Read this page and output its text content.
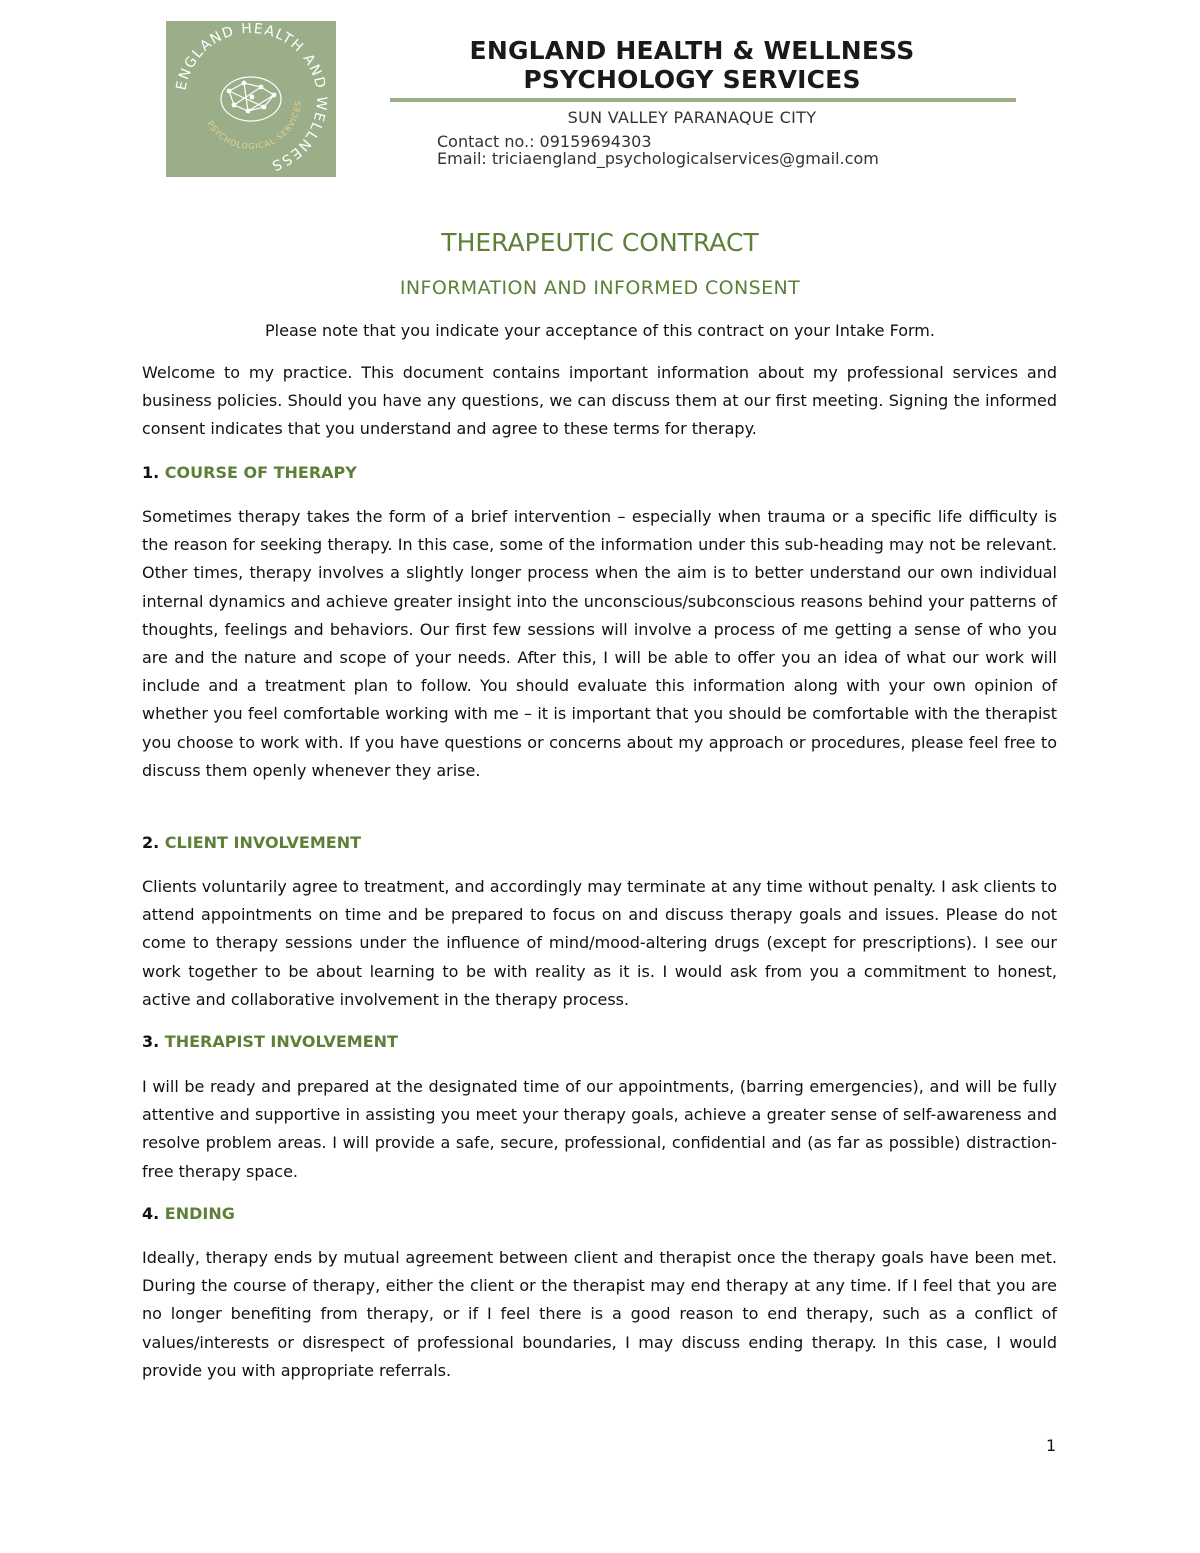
ENGLAND HEALTH AND WELLNESS
PSYCHOLOGICAL SERVICES
ENGLAND HEALTH & WELLNESS
PSYCHOLOGY SERVICES
SUN VALLEY PARANAQUE CITY
Contact no.: 09159694303
Email: triciaengland_psychologicalservices@gmail.com
THERAPEUTIC CONTRACT
INFORMATION AND INFORMED CONSENT
Please note that you indicate your acceptance of this contract on your Intake Form.

Welcome to my practice. This document contains important information about my professional services and business policies. Should you have any questions, we can discuss them at our first meeting. Signing the informed consent indicates that you understand and agree to these terms for therapy.

1. COURSE OF THERAPY

Sometimes therapy takes the form of a brief intervention – especially when trauma or a specific life difficulty is the reason for seeking therapy. In this case, some of the information under this sub-heading may not be relevant. Other times, therapy involves a slightly longer process when the aim is to better understand our own individual internal dynamics and achieve greater insight into the unconscious/subconscious reasons behind your patterns of thoughts, feelings and behaviors. Our first few sessions will involve a process of me getting a sense of who you are and the nature and scope of your needs. After this, I will be able to offer you an idea of what our work will include and a treatment plan to follow. You should evaluate this information along with your own opinion of whether you feel comfortable working with me – it is important that you should be comfortable with the therapist you choose to work with. If you have questions or concerns about my approach or procedures, please feel free to discuss them openly whenever they arise.

2. CLIENT INVOLVEMENT

Clients voluntarily agree to treatment, and accordingly may terminate at any time without penalty. I ask clients to attend appointments on time and be prepared to focus on and discuss therapy goals and issues. Please do not come to therapy sessions under the influence of mind/mood-altering drugs (except for prescriptions). I see our work together to be about learning to be with reality as it is. I would ask from you a commitment to honest, active and collaborative involvement in the therapy process.

3. THERAPIST INVOLVEMENT

I will be ready and prepared at the designated time of our appointments, (barring emergencies), and will be fully attentive and supportive in assisting you meet your therapy goals, achieve a greater sense of self-awareness and resolve problem areas. I will provide a safe, secure, professional, confidential and (as far as possible) distraction-free therapy space.

4. ENDING

Ideally, therapy ends by mutual agreement between client and therapist once the therapy goals have been met. During the course of therapy, either the client or the therapist may end therapy at any time. If I feel that you are no longer benefiting from therapy, or if I feel there is a good reason to end therapy, such as a conflict of values/interests or disrespect of professional boundaries, I may discuss ending therapy. In this case, I would provide you with appropriate referrals.

1
